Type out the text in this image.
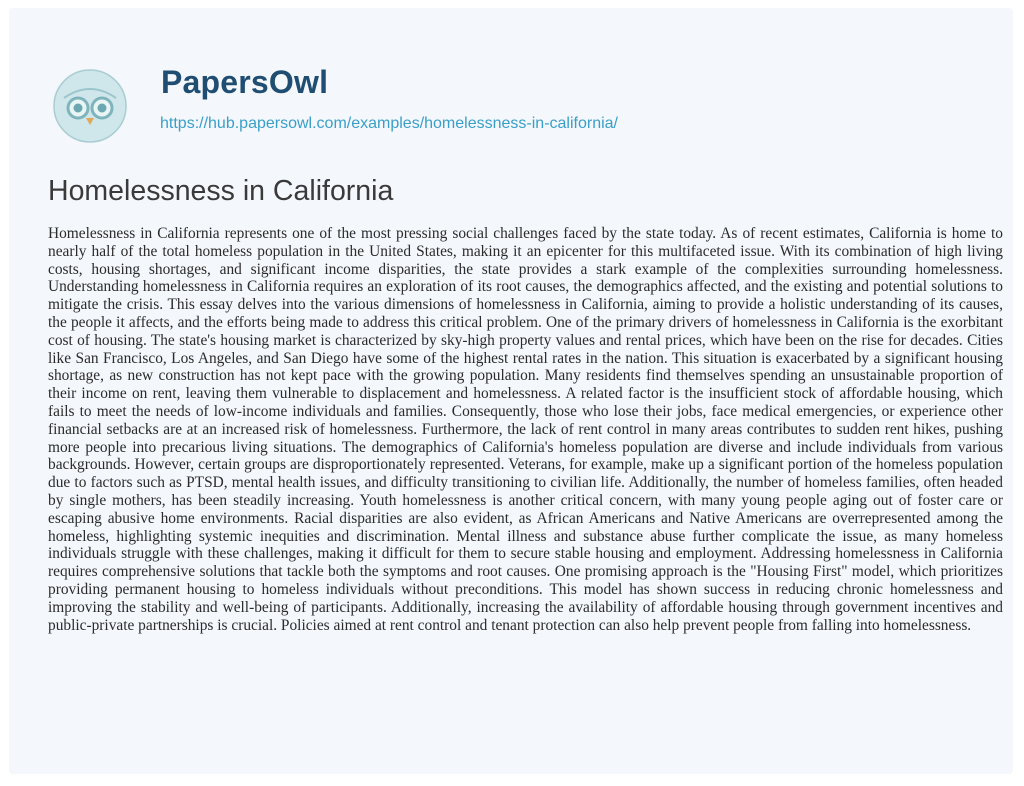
PapersOwl
https://hub.papersowl.com/examples/homelessness-in-california/
Homelessness in California

Homelessness in California represents one of the most pressing social challenges faced by the state today. As of recent estimates, California is home to nearly half of the total homeless population in the United States, making it an epicenter for this multifaceted issue. With its combination of high living costs, housing shortages, and significant income disparities, the state provides a stark example of the complexities surrounding homelessness. Understanding homelessness in California requires an exploration of its root causes, the demographics affected, and the existing and potential solutions to mitigate the crisis. This essay delves into the various dimensions of homelessness in California, aiming to provide a holistic understanding of its causes, the people it affects, and the efforts being made to address this critical problem. One of the primary drivers of homelessness in California is the exorbitant cost of housing. The state's housing market is characterized by sky-high property values and rental prices, which have been on the rise for decades. Cities like San Francisco, Los Angeles, and San Diego have some of the highest rental rates in the nation. This situation is exacerbated by a significant housing shortage, as new construction has not kept pace with the growing population. Many residents find themselves spending an unsustainable proportion of their income on rent, leaving them vulnerable to displacement and homelessness. A related factor is the insufficient stock of affordable housing, which fails to meet the needs of low-income individuals and families. Consequently, those who lose their jobs, face medical emergencies, or experience other financial setbacks are at an increased risk of homelessness. Furthermore, the lack of rent control in many areas contributes to sudden rent hikes, pushing more people into precarious living situations. The demographics of California's homeless population are diverse and include individuals from various backgrounds. However, certain groups are disproportionately represented. Veterans, for example, make up a significant portion of the homeless population due to factors such as PTSD, mental health issues, and difficulty transitioning to civilian life. Additionally, the number of homeless families, often headed by single mothers, has been steadily increasing. Youth homelessness is another critical concern, with many young people aging out of foster care or escaping abusive home environments. Racial disparities are also evident, as African Americans and Native Americans are overrepresented among the homeless, highlighting systemic inequities and discrimination. Mental illness and substance abuse further complicate the issue, as many homeless individuals struggle with these challenges, making it difficult for them to secure stable housing and employment. Addressing homelessness in California requires comprehensive solutions that tackle both the symptoms and root causes. One promising approach is the "Housing First" model, which prioritizes providing permanent housing to homeless individuals without preconditions. This model has shown success in reducing chronic homelessness and improving the stability and well-being of participants. Additionally, increasing the availability of affordable housing through government incentives and public-private partnerships is crucial. Policies aimed at rent control and tenant protection can also help prevent people from falling into homelessness.
